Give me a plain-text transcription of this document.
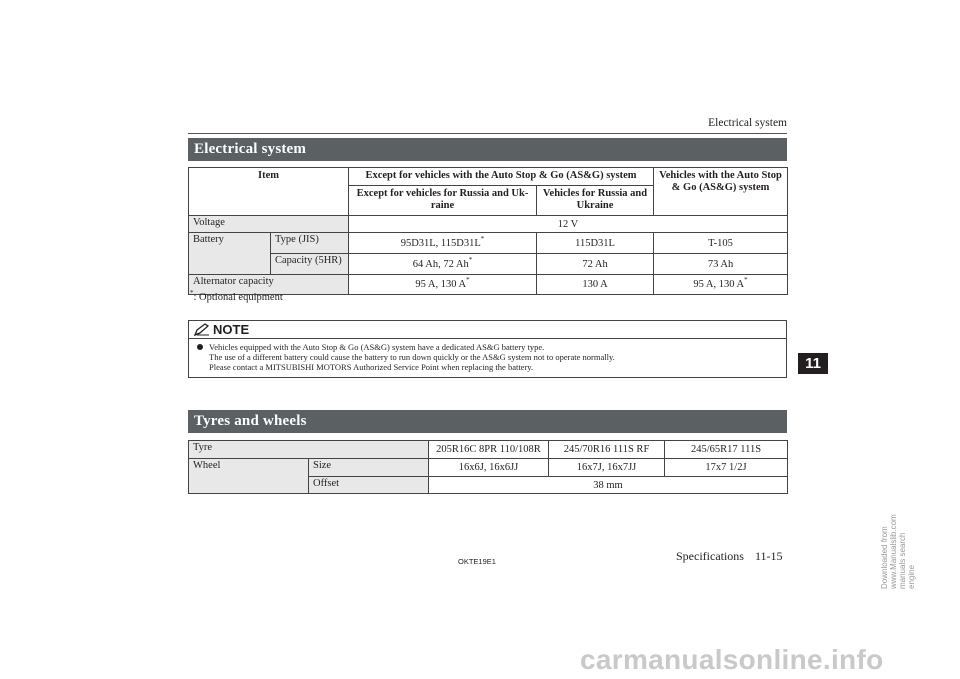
Electrical system
Electrical system
Item		Except for vehicles with the Auto Stop & Go (AS&G) system		Vehicles with the Auto Stop & Go (AS&G) system
		Except for vehicles for Russia and Uk-raine	Vehicles for Russia and Ukraine	
Voltage		12 V		
Battery	Type (JIS)	95D31L, 115D31L*	115D31L	T-105
	Capacity (5HR)	64 Ah, 72 Ah*	72 Ah	73 Ah
Alternator capacity		95 A, 130 A*	130 A	95 A, 130 A*
*: Optional equipment
NOTE
Vehicles equipped with the Auto Stop & Go (AS&G) system have a dedicated AS&G battery type.
The use of a different battery could cause the battery to run down quickly or the AS&G system not to operate normally.
Please contact a MITSUBISHI MOTORS Authorized Service Point when replacing the battery.
Tyres and wheels
Tyre		205R16C 8PR 110/108R	245/70R16 111S RF	245/65R17 111S
Wheel	Size	16x6J, 16x6JJ	16x7J, 16x7JJ	17x7 1/2J
	Offset	38 mm		
11
OKTE19E1	Specifications 11-15
carmanualsonline.info
Downloaded from www.Manualslib.com manuals search engine
